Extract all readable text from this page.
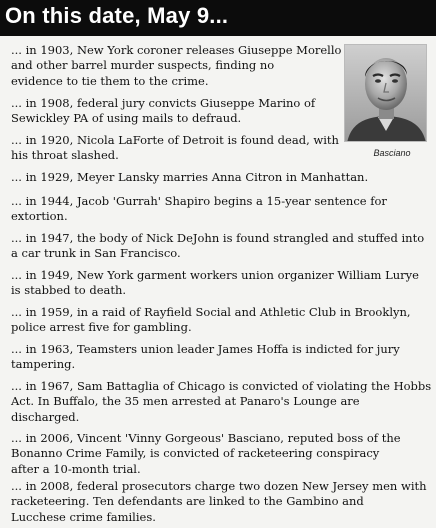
On this date, May 9...
Basciano
... in 1903, New York coroner releases Giuseppe Morello
and other barrel murder suspects, finding no
evidence to tie them to the crime.
... in 1908, federal jury convicts Giuseppe Marino of
Sewickley PA of using mails to defraud.
... in 1920, Nicola LaForte of Detroit is found dead, with
his throat slashed.
... in 1929, Meyer Lansky marries Anna Citron in Manhattan.
... in 1944, Jacob 'Gurrah' Shapiro begins a 15-year sentence for
extortion.
... in 1947, the body of Nick DeJohn is found strangled and stuffed into
a car trunk in San Francisco.
... in 1949, New York garment workers union organizer William Lurye
is stabbed to death.
... in 1959, in a raid of Rayfield Social and Athletic Club in Brooklyn,
police arrest five for gambling.
... in 1963, Teamsters union leader James Hoffa is indicted for jury
tampering.
... in 1967, Sam Battaglia of Chicago is convicted of violating the Hobbs
Act. In Buffalo, the 35 men arrested at Panaro's Lounge are
discharged.
... in 2006, Vincent 'Vinny Gorgeous' Basciano, reputed boss of the
Bonanno Crime Family, is convicted of racketeering conspiracy
after a 10-month trial.
... in 2008, federal prosecutors charge two dozen New Jersey men with
racketeering. Ten defendants are linked to the Gambino and
Lucchese crime families.
